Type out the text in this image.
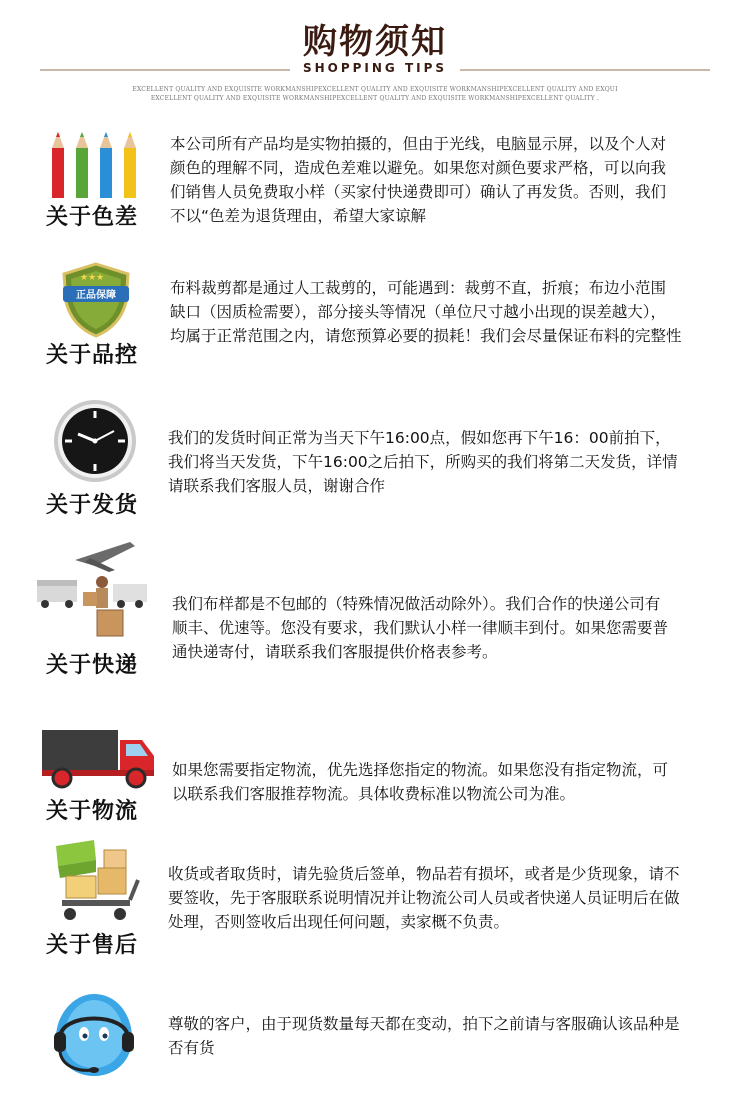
购物须知
SHOPPING TIPS
EXCELLENT QUALITY AND EXQUISITE WORKMANSHIPEXCELLENT QUALITY AND EXQUISITE WORKMANSHIPEXCELLENT QUALITY AND EXQUI
EXCELLENT QUALITY AND EXQUISITE WORKMANSHIPEXCELLENT QUALITY AND EXQUISITE WORKMANSHIPEXCELLENT QUALITY .
关于色差
本公司所有产品均是实物拍摄的，但由于光线，电脑显示屏，以及个人对
颜色的理解不同，造成色差难以避免。如果您对颜色要求严格，可以向我
们销售人员免费取小样（买家付快递费即可）确认了再发货。否则，我们
不以“色差为退货理由，希望大家谅解
★★★
正品保障
关于品控
布料裁剪都是通过人工裁剪的，可能遇到：裁剪不直，折痕；布边小范围
缺口（因质检需要），部分接头等情况（单位尺寸越小出现的误差越大），
均属于正常范围之内，请您预算必要的损耗！我们会尽量保证布料的完整性
关于发货
我们的发货时间正常为当天下午16:00点，假如您再下午16：00前拍下，
我们将当天发货，下午16:00之后拍下，所购买的我们将第二天发货，详情
请联系我们客服人员，谢谢合作
关于快递
我们布样都是不包邮的（特殊情况做活动除外）。我们合作的快递公司有
顺丰、优速等。您没有要求，我们默认小样一律顺丰到付。如果您需要普
通快递寄付，请联系我们客服提供价格表参考。
关于物流
如果您需要指定物流，优先选择您指定的物流。如果您没有指定物流，可
以联系我们客服推荐物流。具体收费标准以物流公司为准。
关于售后
收货或者取货时，请先验货后签单，物品若有损坏，或者是少货现象，请不
要签收，先于客服联系说明情况并让物流公司人员或者快递人员证明后在做
处理，否则签收后出现任何问题，卖家概不负责。
尊敬的客户，由于现货数量每天都在变动，拍下之前请与客服确认该品种是
否有货
